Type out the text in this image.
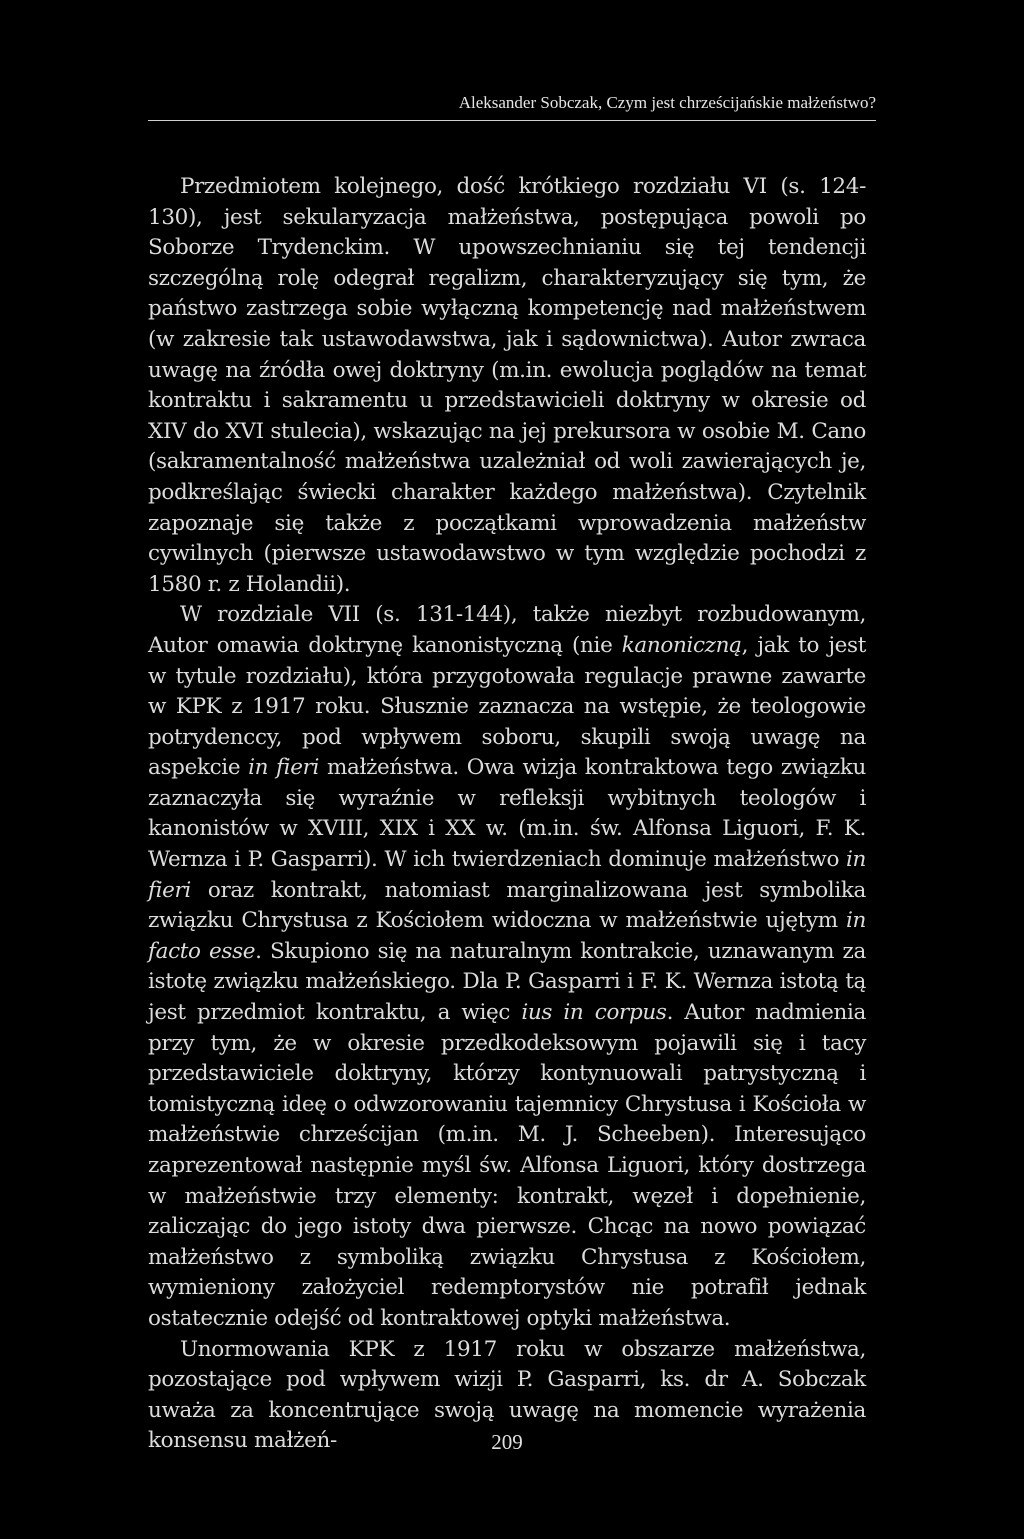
Aleksander Sobczak, Czym jest chrześcijańskie małżeństwo?

Przedmiotem kolejnego, dość krótkiego rozdziału VI (s. 124-130), jest sekularyzacja małżeństwa, postępująca powoli po Soborze Trydenckim. W upowszechnianiu się tej tendencji szczególną rolę odegrał regalizm, charakteryzujący się tym, że państwo zastrzega sobie wyłączną kompetencję nad małżeństwem (w zakresie tak ustawodawstwa, jak i sądownictwa). Autor zwraca uwagę na źródła owej doktryny (m.in. ewolucja poglądów na temat kontraktu i sakramentu u przedstawicieli doktryny w okresie od XIV do XVI stulecia), wskazując na jej prekursora w osobie M. Cano (sakramentalność małżeństwa uzależniał od woli zawierających je, podkreślając świecki charakter każdego małżeństwa). Czytelnik zapoznaje się także z początkami wprowadzenia małżeństw cywilnych (pierwsze ustawodawstwo w tym względzie pochodzi z 1580 r. z Holandii).

W rozdziale VII (s. 131-144), także niezbyt rozbudowanym, Autor omawia doktrynę kanonistyczną (nie kanoniczną, jak to jest w tytule rozdziału), która przygotowała regulacje prawne zawarte w KPK z 1917 roku. Słusznie zaznacza na wstępie, że teologowie potrydenccy, pod wpływem soboru, skupili swoją uwagę na aspekcie in fieri małżeństwa. Owa wizja kontraktowa tego związku zaznaczyła się wyraźnie w refleksji wybitnych teologów i kanonistów w XVIII, XIX i XX w. (m.in. św. Alfonsa Liguori, F. K. Wernza i P. Gasparri). W ich twierdzeniach dominuje małżeństwo in fieri oraz kontrakt, natomiast marginalizowana jest symbolika związku Chrystusa z Kościołem widoczna w małżeństwie ujętym in facto esse. Skupiono się na naturalnym kontrakcie, uznawanym za istotę związku małżeńskiego. Dla P. Gasparri i F. K. Wernza istotą tą jest przedmiot kontraktu, a więc ius in corpus. Autor nadmienia przy tym, że w okresie przedkodeksowym pojawili się i tacy przedstawiciele doktryny, którzy kontynuowali patrystyczną i tomistyczną ideę o odwzorowaniu tajemnicy Chrystusa i Kościoła w małżeństwie chrześcijan (m.in. M. J. Scheeben). Interesująco zaprezentował następnie myśl św. Alfonsa Liguori, który dostrzega w małżeństwie trzy elementy: kontrakt, węzeł i dopełnienie, zaliczając do jego istoty dwa pierwsze. Chcąc na nowo powiązać małżeństwo z symboliką związku Chrystusa z Kościołem, wymieniony założyciel redemptorystów nie potrafił jednak ostatecznie odejść od kontraktowej optyki małżeństwa.

Unormowania KPK z 1917 roku w obszarze małżeństwa, pozostające pod wpływem wizji P. Gasparri, ks. dr A. Sobczak uważa za koncentrujące swoją uwagę na momencie wyrażenia konsensu małżeń-	209
